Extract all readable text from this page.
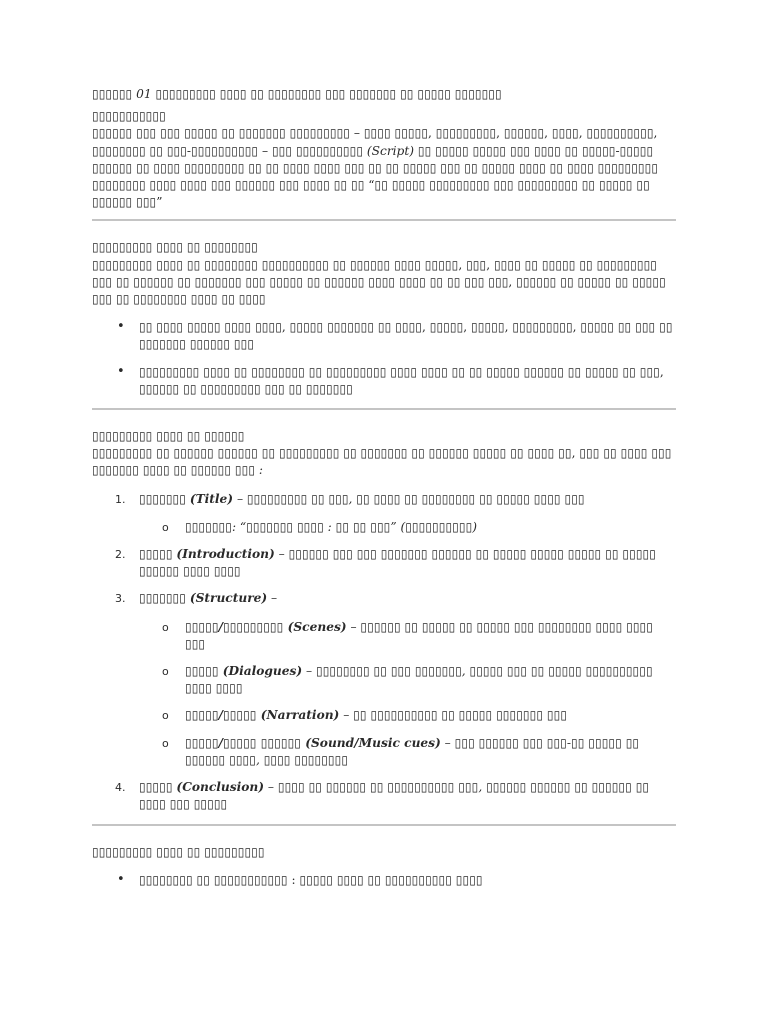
▯▯▯▯▯▯ 01 ▯▯▯▯▯▯▯▯▯ ▯▯▯▯ ▯▯ ▯▯▯▯▯▯▯▯ ▯▯▯ ▯▯▯▯▯▯▯ ▯▯ ▯▯▯▯▯ ▯▯▯▯▯▯▯

▯▯▯▯▯▯▯▯▯▯▯

▯▯▯▯▯▯ ▯▯▯ ▯▯▯ ▯▯▯▯▯ ▯▯ ▯▯▯▯▯▯▯ ▯▯▯▯▯▯▯▯▯ – ▯▯▯▯ ▯▯▯▯▯, ▯▯▯▯▯▯▯▯▯, ▯▯▯▯▯▯, ▯▯▯▯, ▯▯▯▯▯▯▯▯▯▯, ▯▯▯▯▯▯▯▯ ▯▯ ▯▯▯-▯▯▯▯▯▯▯▯▯▯ – ▯▯▯ ▯▯▯▯▯▯▯▯▯▯ (Script) ▯▯ ▯▯▯▯▯ ▯▯▯▯▯ ▯▯▯ ▯▯▯▯ ▯▯ ▯▯▯▯▯-▯▯▯▯▯ ▯▯▯▯▯▯ ▯▯ ▯▯▯▯ ▯▯▯▯▯▯▯▯▯ ▯▯ ▯▯ ▯▯▯▯ ▯▯▯▯ ▯▯▯ ▯▯ ▯▯ ▯▯▯▯▯ ▯▯▯ ▯▯ ▯▯▯▯▯ ▯▯▯▯ ▯▯ ▯▯▯▯ ▯▯▯▯▯▯▯▯▯ ▯▯▯▯▯▯▯▯ ▯▯▯▯ ▯▯▯▯ ▯▯▯ ▯▯▯▯▯▯ ▯▯▯ ▯▯▯▯ ▯▯ ▯▯ “▯▯ ▯▯▯▯▯ ▯▯▯▯▯▯▯▯▯ ▯▯▯ ▯▯▯▯▯▯▯▯▯ ▯▯ ▯▯▯▯▯ ▯▯ ▯▯▯▯▯▯ ▯▯▯”

▯▯▯▯▯▯▯▯▯ ▯▯▯▯ ▯▯ ▯▯▯▯▯▯▯▯

▯▯▯▯▯▯▯▯▯ ▯▯▯▯ ▯▯ ▯▯▯▯▯▯▯▯ ▯▯▯▯▯▯▯▯▯▯ ▯▯ ▯▯▯▯▯▯ ▯▯▯▯ ▯▯▯▯▯, ▯▯▯, ▯▯▯▯ ▯▯ ▯▯▯▯▯ ▯▯ ▯▯▯▯▯▯▯▯▯ ▯▯▯ ▯▯ ▯▯▯▯▯▯ ▯▯ ▯▯▯▯▯▯▯ ▯▯▯ ▯▯▯▯▯ ▯▯ ▯▯▯▯▯▯ ▯▯▯▯ ▯▯▯▯ ▯▯ ▯▯ ▯▯▯ ▯▯▯, ▯▯▯▯▯▯ ▯▯ ▯▯▯▯▯ ▯▯ ▯▯▯▯▯ ▯▯▯ ▯▯ ▯▯▯▯▯▯▯▯ ▯▯▯▯ ▯▯ ▯▯▯▯

• ▯▯ ▯▯▯▯ ▯▯▯▯▯ ▯▯▯▯ ▯▯▯▯, ▯▯▯▯▯ ▯▯▯▯▯▯▯ ▯▯ ▯▯▯▯, ▯▯▯▯▯, ▯▯▯▯▯, ▯▯▯▯▯▯▯▯▯, ▯▯▯▯▯ ▯▯ ▯▯▯ ▯▯ ▯▯▯▯▯▯▯ ▯▯▯▯▯▯ ▯▯▯
• ▯▯▯▯▯▯▯▯▯ ▯▯▯▯ ▯▯ ▯▯▯▯▯▯▯▯ ▯▯ ▯▯▯▯▯▯▯▯▯ ▯▯▯▯ ▯▯▯▯ ▯▯ ▯▯ ▯▯▯▯▯ ▯▯▯▯▯▯ ▯▯ ▯▯▯▯▯ ▯▯ ▯▯▯, ▯▯▯▯▯▯ ▯▯ ▯▯▯▯▯▯▯▯▯ ▯▯▯ ▯▯ ▯▯▯▯▯▯▯

▯▯▯▯▯▯▯▯▯ ▯▯▯▯ ▯▯ ▯▯▯▯▯▯

▯▯▯▯▯▯▯▯▯ ▯▯ ▯▯▯▯▯▯ ▯▯▯▯▯▯ ▯▯ ▯▯▯▯▯▯▯▯▯ ▯▯ ▯▯▯▯▯▯▯ ▯▯ ▯▯▯▯▯▯ ▯▯▯▯▯ ▯▯ ▯▯▯▯ ▯▯, ▯▯▯ ▯▯ ▯▯▯▯ ▯▯▯ ▯▯▯▯▯▯▯ ▯▯▯▯ ▯▯ ▯▯▯▯▯▯ ▯▯▯ :

1. ▯▯▯▯▯▯▯ (Title) – ▯▯▯▯▯▯▯▯▯ ▯▯ ▯▯▯, ▯▯ ▯▯▯▯ ▯▯ ▯▯▯▯▯▯▯▯ ▯▯ ▯▯▯▯▯ ▯▯▯▯ ▯▯▯
o ▯▯▯▯▯▯▯: “▯▯▯▯▯▯▯ ▯▯▯▯ : ▯▯ ▯▯ ▯▯▯” (▯▯▯▯▯▯▯▯▯▯)
2. ▯▯▯▯▯ (Introduction) – ▯▯▯▯▯▯ ▯▯▯ ▯▯▯ ▯▯▯▯▯▯▯ ▯▯▯▯▯▯ ▯▯ ▯▯▯▯▯ ▯▯▯▯▯ ▯▯▯▯▯ ▯▯ ▯▯▯▯▯ ▯▯▯▯▯▯ ▯▯▯▯ ▯▯▯▯
3. ▯▯▯▯▯▯▯ (Structure) –
o ▯▯▯▯▯/▯▯▯▯▯▯▯▯▯ (Scenes) – ▯▯▯▯▯▯ ▯▯ ▯▯▯▯▯ ▯▯ ▯▯▯▯▯ ▯▯▯ ▯▯▯▯▯▯▯▯ ▯▯▯▯ ▯▯▯▯ ▯▯▯
o ▯▯▯▯▯ (Dialogues) – ▯▯▯▯▯▯▯▯ ▯▯ ▯▯▯ ▯▯▯▯▯▯▯, ▯▯▯▯▯ ▯▯▯ ▯▯ ▯▯▯▯▯ ▯▯▯▯▯▯▯▯▯▯ ▯▯▯▯ ▯▯▯▯
o ▯▯▯▯▯/▯▯▯▯▯ (Narration) – ▯▯ ▯▯▯▯▯▯▯▯▯▯ ▯▯ ▯▯▯▯▯ ▯▯▯▯▯▯▯ ▯▯▯
o ▯▯▯▯▯/▯▯▯▯▯ ▯▯▯▯▯▯ (Sound/Music cues) – ▯▯▯ ▯▯▯▯▯▯ ▯▯▯ ▯▯▯-▯▯ ▯▯▯▯▯ ▯▯ ▯▯▯▯▯▯ ▯▯▯▯, ▯▯▯▯ ▯▯▯▯▯▯▯▯
4. ▯▯▯▯▯ (Conclusion) – ▯▯▯▯ ▯▯ ▯▯▯▯▯▯ ▯▯ ▯▯▯▯▯▯▯▯▯▯ ▯▯▯, ▯▯▯▯▯▯ ▯▯▯▯▯▯ ▯▯ ▯▯▯▯▯▯ ▯▯ ▯▯▯▯ ▯▯▯ ▯▯▯▯▯

▯▯▯▯▯▯▯▯▯ ▯▯▯▯ ▯▯ ▯▯▯▯▯▯▯▯▯

• ▯▯▯▯▯▯▯▯ ▯▯ ▯▯▯▯▯▯▯▯▯▯▯ : ▯▯▯▯▯ ▯▯▯▯ ▯▯ ▯▯▯▯▯▯▯▯▯▯ ▯▯▯▯
